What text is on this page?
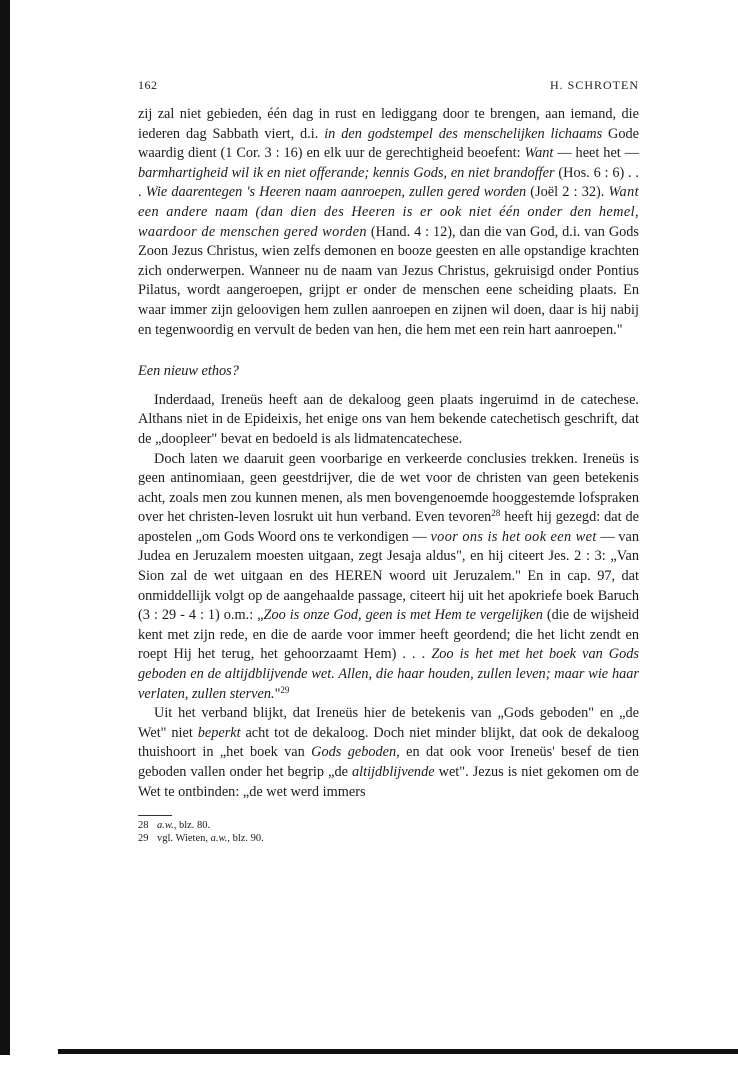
162	H. SCHROTEN

zij zal niet gebieden, één dag in rust en lediggang door te brengen, aan iemand, die iederen dag Sabbath viert, d.i. in den godstempel des menschelijken lichaams Gode waardig dient (1 Cor. 3 : 16) en elk uur de gerechtigheid beoefent: Want — heet het — barmhartigheid wil ik en niet offerande; kennis Gods, en niet brandoffer (Hos. 6 : 6) . . . Wie daarentegen 's Heeren naam aanroepen, zullen gered worden (Joël 2 : 32). Want een andere naam (dan dien des Heeren is er ook niet één onder den hemel, waardoor de menschen gered worden (Hand. 4 : 12), dan die van God, d.i. van Gods Zoon Jezus Christus, wien zelfs demonen en booze geesten en alle opstandige krachten zich onderwerpen. Wanneer nu de naam van Jezus Christus, gekruisigd onder Pontius Pilatus, wordt aangeroepen, grijpt er onder de menschen eene scheiding plaats. En waar immer zijn geloovigen hem zullen aanroepen en zijnen wil doen, daar is hij nabij en tegenwoordig en vervult de beden van hen, die hem met een rein hart aanroepen."

Een nieuw ethos?

Inderdaad, Ireneüs heeft aan de dekaloog geen plaats ingeruimd in de catechese. Althans niet in de Epideixis, het enige ons van hem bekende catechetisch geschrift, dat de „doopleer" bevat en bedoeld is als lidmatencatechese.

Doch laten we daaruit geen voorbarige en verkeerde conclusies trekken. Ireneüs is geen antinomiaan, geen geestdrijver, die de wet voor de christen van geen betekenis acht, zoals men zou kunnen menen, als men bovengenoemde hooggestemde lofspraken over het christen-leven losrukt uit hun verband. Even tevoren$^{28}$ heeft hij gezegd: dat de apostelen „om Gods Woord ons te verkondigen — voor ons is het ook een wet — van Judea en Jeruzalem moesten uitgaan, zegt Jesaja aldus", en hij citeert Jes. 2 : 3: „Van Sion zal de wet uitgaan en des HEREN woord uit Jeruzalem." En in cap. 97, dat onmiddellijk volgt op de aangehaalde passage, citeert hij uit het apokriefe boek Baruch (3 : 29 - 4 : 1) o.m.: „Zoo is onze God, geen is met Hem te vergelijken (die de wijsheid kent met zijn rede, en die de aarde voor immer heeft geordend; die het licht zendt en roept Hij het terug, het gehoorzaamt Hem) . . . Zoo is het met het boek van Gods geboden en de altijdblijvende wet. Allen, die haar houden, zullen leven; maar wie haar verlaten, zullen sterven."$^{29}$

Uit het verband blijkt, dat Ireneüs hier de betekenis van „Gods geboden" en „de Wet" niet beperkt acht tot de dekaloog. Doch niet minder blijkt, dat ook de dekaloog thuishoort in „het boek van Gods geboden, en dat ook voor Ireneüs' besef de tien geboden vallen onder het begrip „de altijdblijvende wet". Jezus is niet gekomen om de Wet te ontbinden: „de wet werd immers

28 a.w., blz. 80.
29 vgl. Wieten, a.w., blz. 90.
